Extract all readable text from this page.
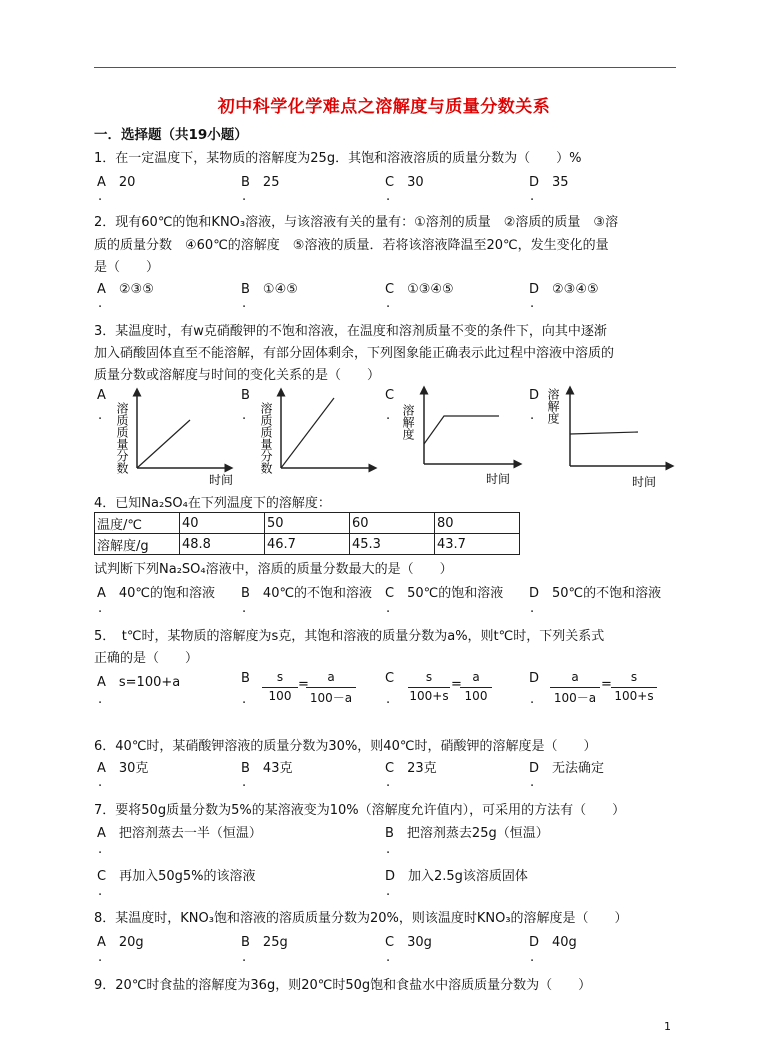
初中科学化学难点之溶解度与质量分数关系
一．选择题（共19小题）
1．在一定温度下，某物质的溶解度为25g．其饱和溶液溶质的质量分数为（　　）%
A　20	B　25	C　30	D　35
.	.	.	.
2．现有60℃的饱和KNO₃溶液，与该溶液有关的量有：①溶剂的质量　②溶质的质量　③溶
质的质量分数　④60℃的溶解度　⑤溶液的质量．若将该溶液降温至20℃，发生变化的量
是（　　）
A　②③⑤	B　①④⑤	C　①③④⑤	D　②③④⑤
.	.	.	.
3．某温度时，有w克硝酸钾的不饱和溶液，在温度和溶剂质量不变的条件下，向其中逐渐
加入硝酸固体直至不能溶解，有部分固体剩余，下列图象能正确表示此过程中溶液中溶质的
质量分数或溶解度与时间的变化关系的是（　　）
A	B	C	D
.	.	.	.
溶质质量分数
时间
溶质质量分数	溶解度
时间
溶解度
时间
4．已知Na₂SO₄在下列温度下的溶解度：
温度/℃	40	50	60	80
溶解度/g	48.8	46.7	45.3	43.7
试判断下列Na₂SO₄溶液中，溶质的质量分数最大的是（　　）
A　40℃的饱和溶液 B　40℃的不饱和溶液 C　50℃的饱和溶液 D　50℃的不饱和溶液
.	.	.	.
5．　t℃时，某物质的溶解度为s克，其饱和溶液的质量分数为a%，则t℃时，下列关系式
正确的是（　　）
A　s=100+a	B	C	D
.	.	.	.
s
100
=	a
100－a
s
100+s
= a
100
a
100－a
=	s
100+s
6．40℃时，某硝酸钾溶液的质量分数为30%，则40℃时，硝酸钾的溶解度是（　　）
A　30克	B　43克	C　23克	D　无法确定
.	.	.	.
7．要将50g质量分数为5%的某溶液变为10%（溶解度允许值内），可采用的方法有（　　）
A　把溶剂蒸去一半（恒温）	B　把溶剂蒸去25g（恒温）
.	.
C　再加入50g5%的该溶液	D　加入2.5g该溶质固体
.	.
8．某温度时，KNO₃饱和溶液的溶质质量分数为20%，则该温度时KNO₃的溶解度是（　　）
A　20g	B　25g	C　30g	D　40g
.	.	.	.
9．20℃时食盐的溶解度为36g，则20℃时50g饱和食盐水中溶质质量分数为（　　）
1
